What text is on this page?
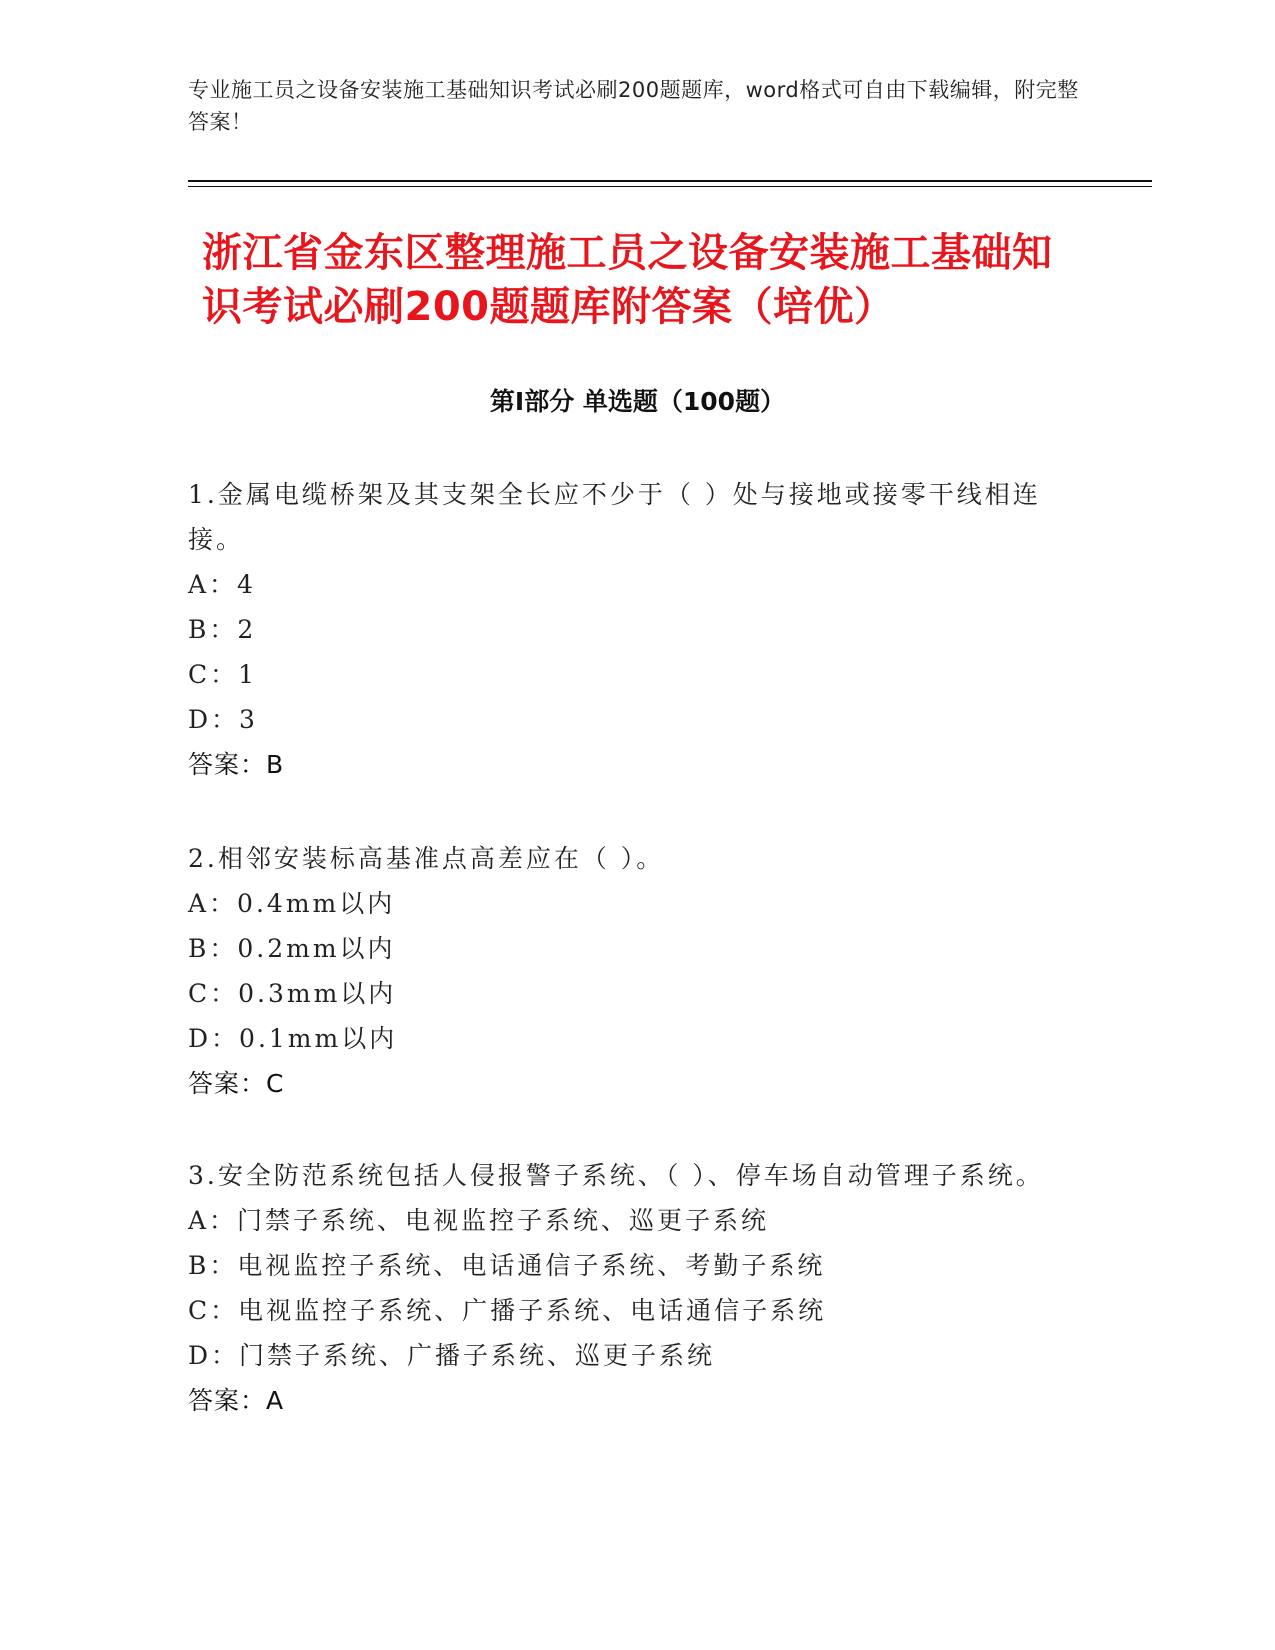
专业施工员之设备安装施工基础知识考试必刷200题题库，word格式可自由下载编辑，附完整答案！
浙江省金东区整理施工员之设备安装施工基础知识考试必刷200题题库附答案（培优）
第Ⅰ部分 单选题（100题）

1.金属电缆桥架及其支架全长应不少于（ ）处与接地或接零干线相连接。

A：4

B：2

C：1

D：3

答案：B

2.相邻安装标高基准点高差应在（ ）。

A：0.4mm以内

B：0.2mm以内

C：0.3mm以内

D：0.1mm以内

答案：C

3.安全防范系统包括人侵报警子系统、（ ）、停车场自动管理子系统。

A：门禁子系统、电视监控子系统、巡更子系统

B：电视监控子系统、电话通信子系统、考勤子系统

C：电视监控子系统、广播子系统、电话通信子系统

D：门禁子系统、广播子系统、巡更子系统

答案：A
